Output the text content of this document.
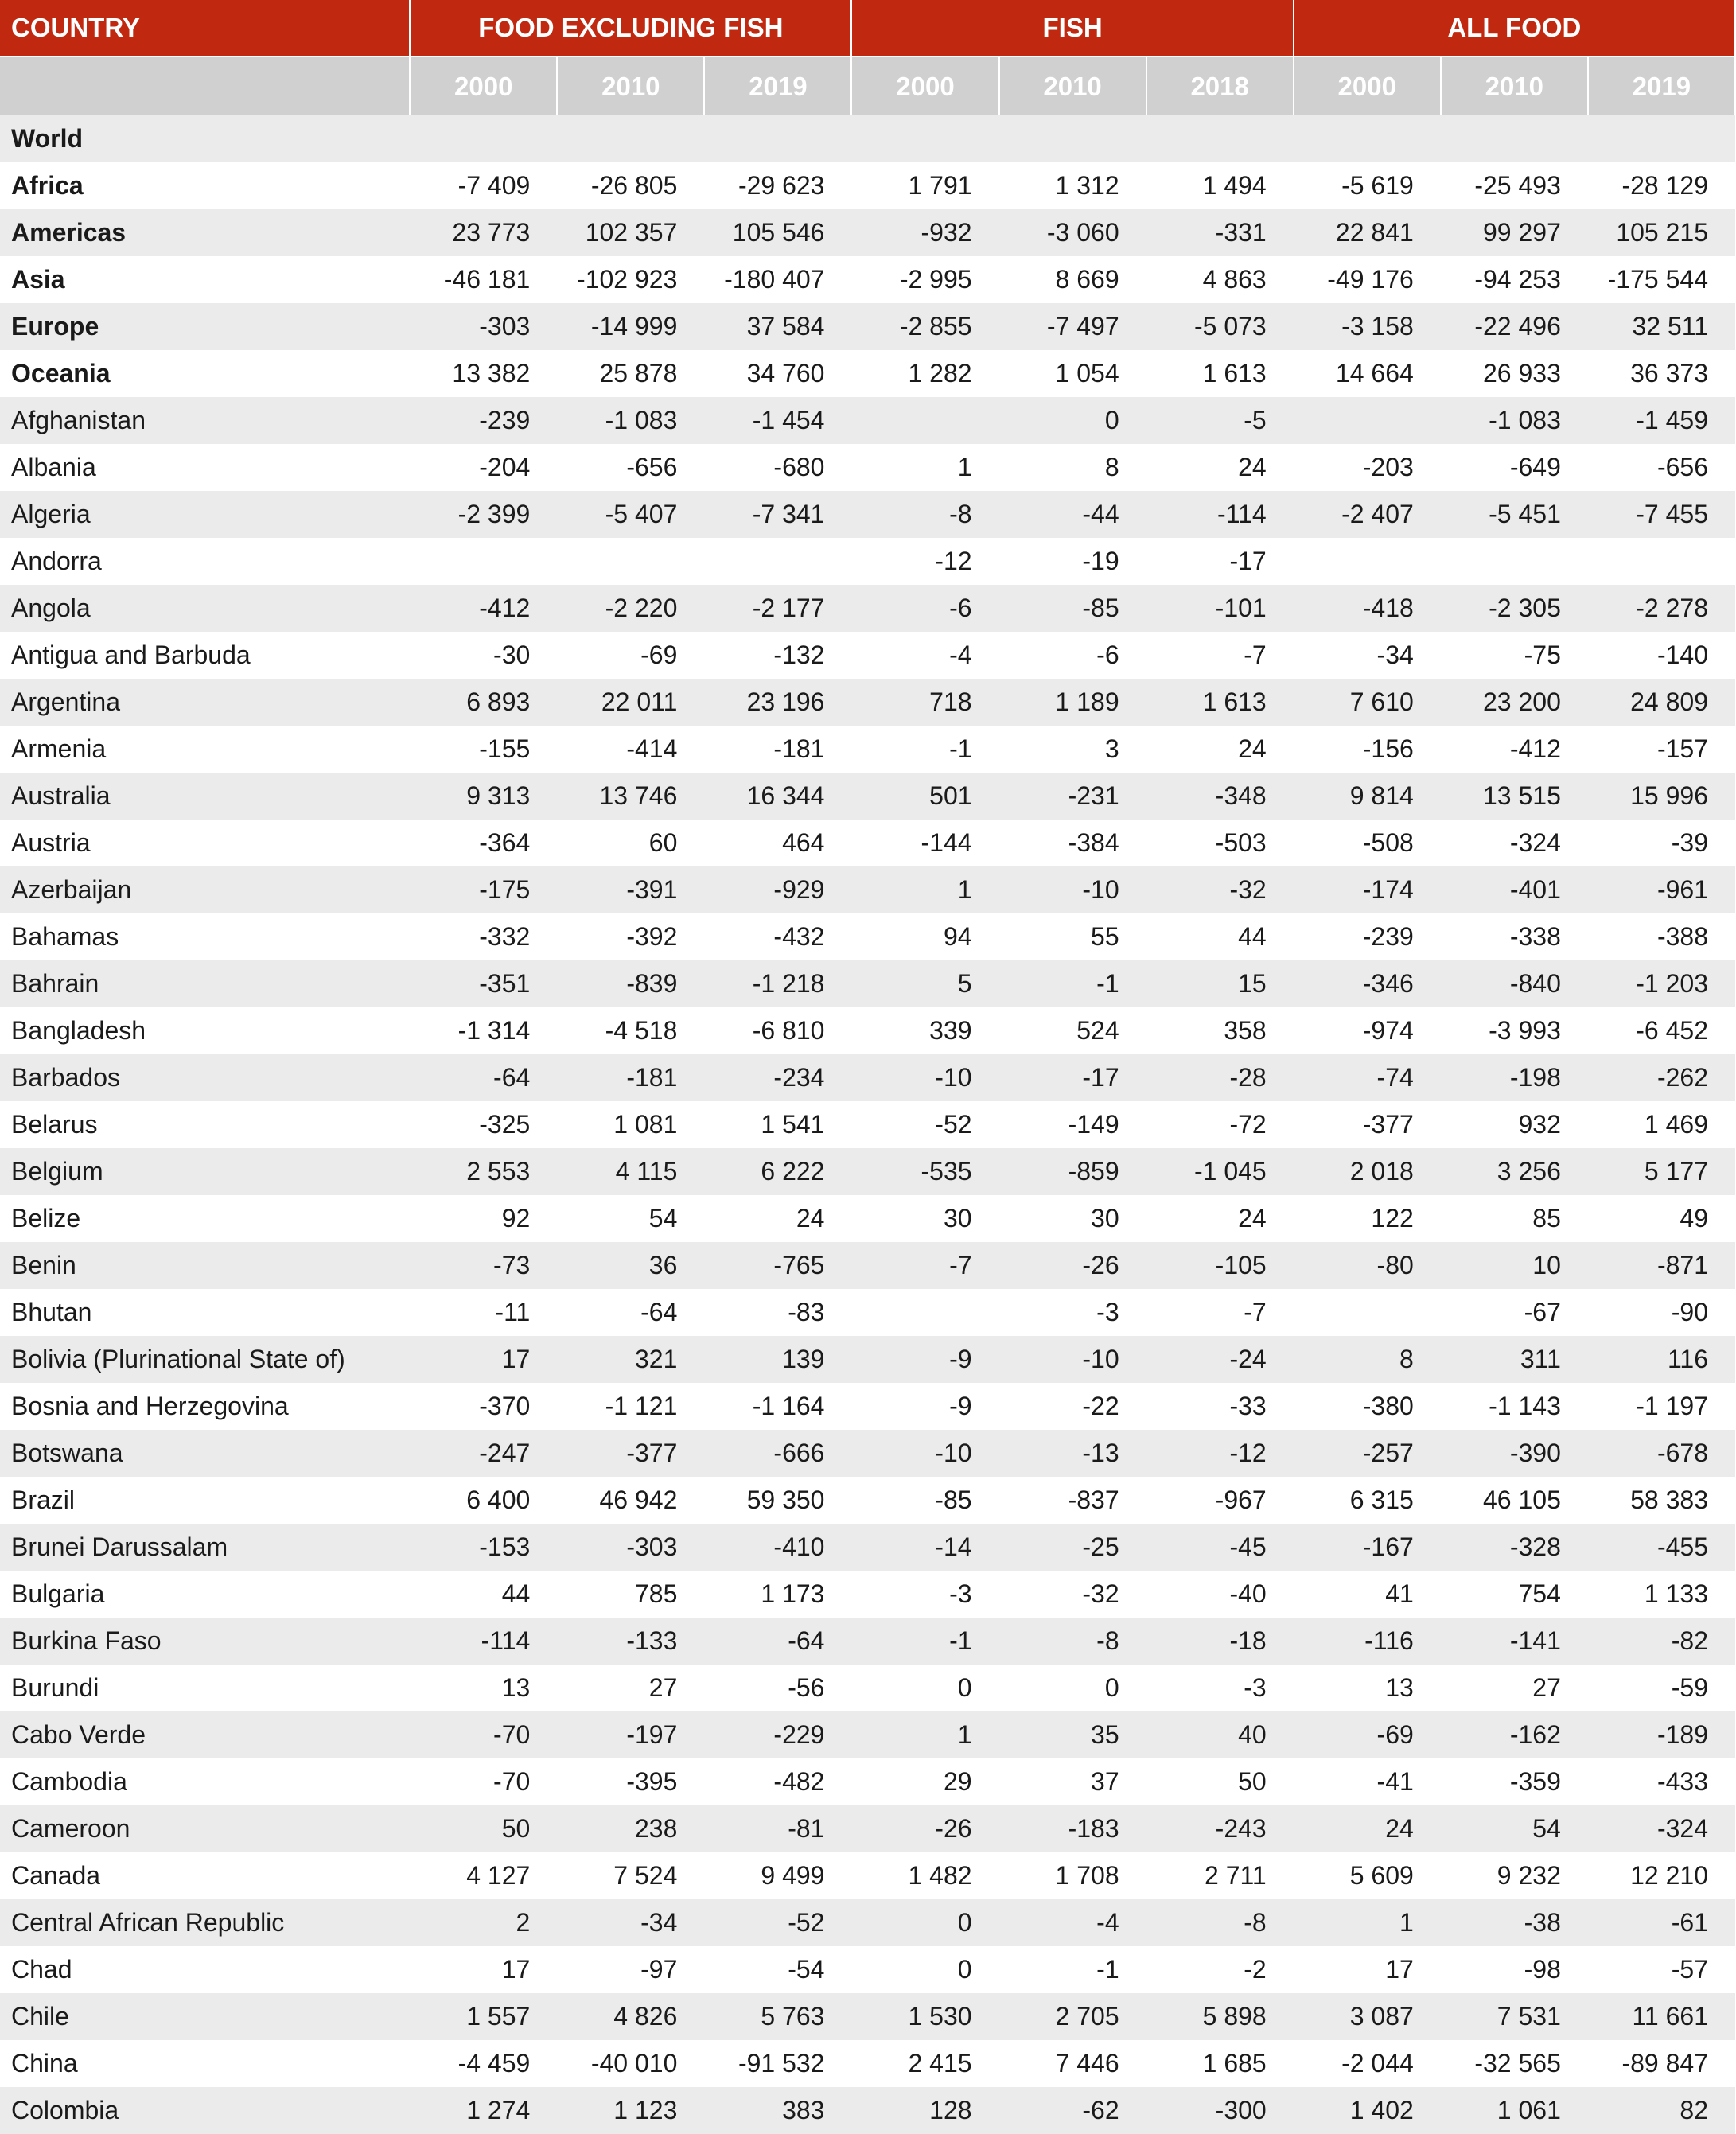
COUNTRY	FOOD EXCLUDING FISH			FISH			ALL FOOD		
	2000	2010	2019	2000	2010	2018	2000	2010	2019
World									
Africa	-7 409	-26 805	-29 623	1 791	1 312	1 494	-5 619	-25 493	-28 129
Americas	23 773	102 357	105 546	-932	-3 060	-331	22 841	99 297	105 215
Asia	-46 181	-102 923	-180 407	-2 995	8 669	4 863	-49 176	-94 253	-175 544
Europe	-303	-14 999	37 584	-2 855	-7 497	-5 073	-3 158	-22 496	32 511
Oceania	13 382	25 878	34 760	1 282	1 054	1 613	14 664	26 933	36 373
Afghanistan	-239	-1 083	-1 454		0	-5		-1 083	-1 459
Albania	-204	-656	-680	1	8	24	-203	-649	-656
Algeria	-2 399	-5 407	-7 341	-8	-44	-114	-2 407	-5 451	-7 455
Andorra				-12	-19	-17			
Angola	-412	-2 220	-2 177	-6	-85	-101	-418	-2 305	-2 278
Antigua and Barbuda	-30	-69	-132	-4	-6	-7	-34	-75	-140
Argentina	6 893	22 011	23 196	718	1 189	1 613	7 610	23 200	24 809
Armenia	-155	-414	-181	-1	3	24	-156	-412	-157
Australia	9 313	13 746	16 344	501	-231	-348	9 814	13 515	15 996
Austria	-364	60	464	-144	-384	-503	-508	-324	-39
Azerbaijan	-175	-391	-929	1	-10	-32	-174	-401	-961
Bahamas	-332	-392	-432	94	55	44	-239	-338	-388
Bahrain	-351	-839	-1 218	5	-1	15	-346	-840	-1 203
Bangladesh	-1 314	-4 518	-6 810	339	524	358	-974	-3 993	-6 452
Barbados	-64	-181	-234	-10	-17	-28	-74	-198	-262
Belarus	-325	1 081	1 541	-52	-149	-72	-377	932	1 469
Belgium	2 553	4 115	6 222	-535	-859	-1 045	2 018	3 256	5 177
Belize	92	54	24	30	30	24	122	85	49
Benin	-73	36	-765	-7	-26	-105	-80	10	-871
Bhutan	-11	-64	-83		-3	-7		-67	-90
Bolivia (Plurinational State of)	17	321	139	-9	-10	-24	8	311	116
Bosnia and Herzegovina	-370	-1 121	-1 164	-9	-22	-33	-380	-1 143	-1 197
Botswana	-247	-377	-666	-10	-13	-12	-257	-390	-678
Brazil	6 400	46 942	59 350	-85	-837	-967	6 315	46 105	58 383
Brunei Darussalam	-153	-303	-410	-14	-25	-45	-167	-328	-455
Bulgaria	44	785	1 173	-3	-32	-40	41	754	1 133
Burkina Faso	-114	-133	-64	-1	-8	-18	-116	-141	-82
Burundi	13	27	-56	0	0	-3	13	27	-59
Cabo Verde	-70	-197	-229	1	35	40	-69	-162	-189
Cambodia	-70	-395	-482	29	37	50	-41	-359	-433
Cameroon	50	238	-81	-26	-183	-243	24	54	-324
Canada	4 127	7 524	9 499	1 482	1 708	2 711	5 609	9 232	12 210
Central African Republic	2	-34	-52	0	-4	-8	1	-38	-61
Chad	17	-97	-54	0	-1	-2	17	-98	-57
Chile	1 557	4 826	5 763	1 530	2 705	5 898	3 087	7 531	11 661
China	-4 459	-40 010	-91 532	2 415	7 446	1 685	-2 044	-32 565	-89 847
Colombia	1 274	1 123	383	128	-62	-300	1 402	1 061	82
